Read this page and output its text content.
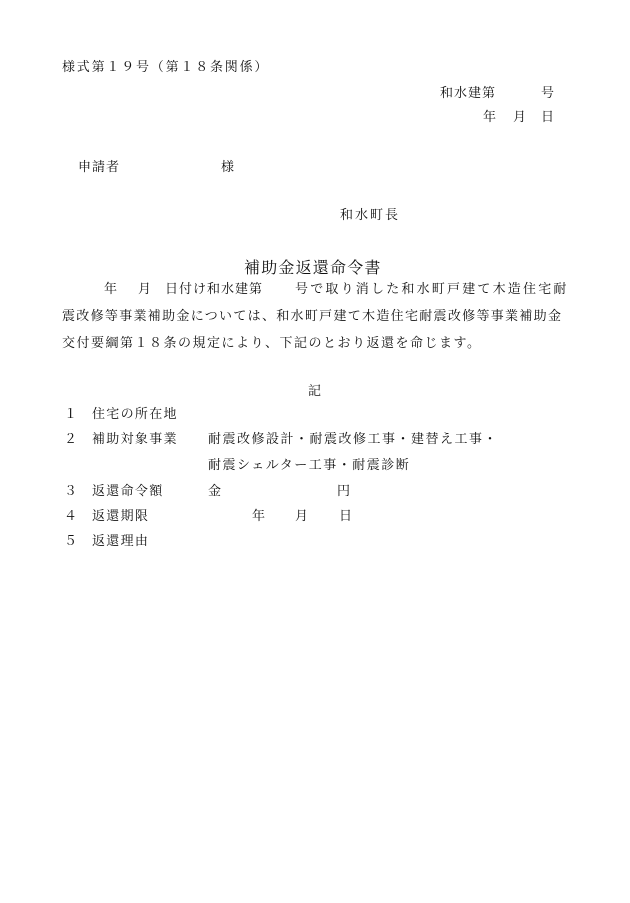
様式第１９号（第１８条関係）
和水建第	号
年 月 日
申請者	様
和水町長
補助金返還命令書
年 月 日付け和水建第 号で取り消した和水町戸建て木造住宅耐
震改修等事業補助金については、和水町戸建て木造住宅耐震改修等事業補助金
交付要綱第１８条の規定により、下記のとおり返還を命じます。
記
１ 住宅の所在地
２ 補助対象事業 耐震改修設計・耐震改修工事・建替え工事・
耐震シェルター工事・耐震診断
３ 返還命令額	金	円
４ 返還期限	年 月 日
５ 返還理由
